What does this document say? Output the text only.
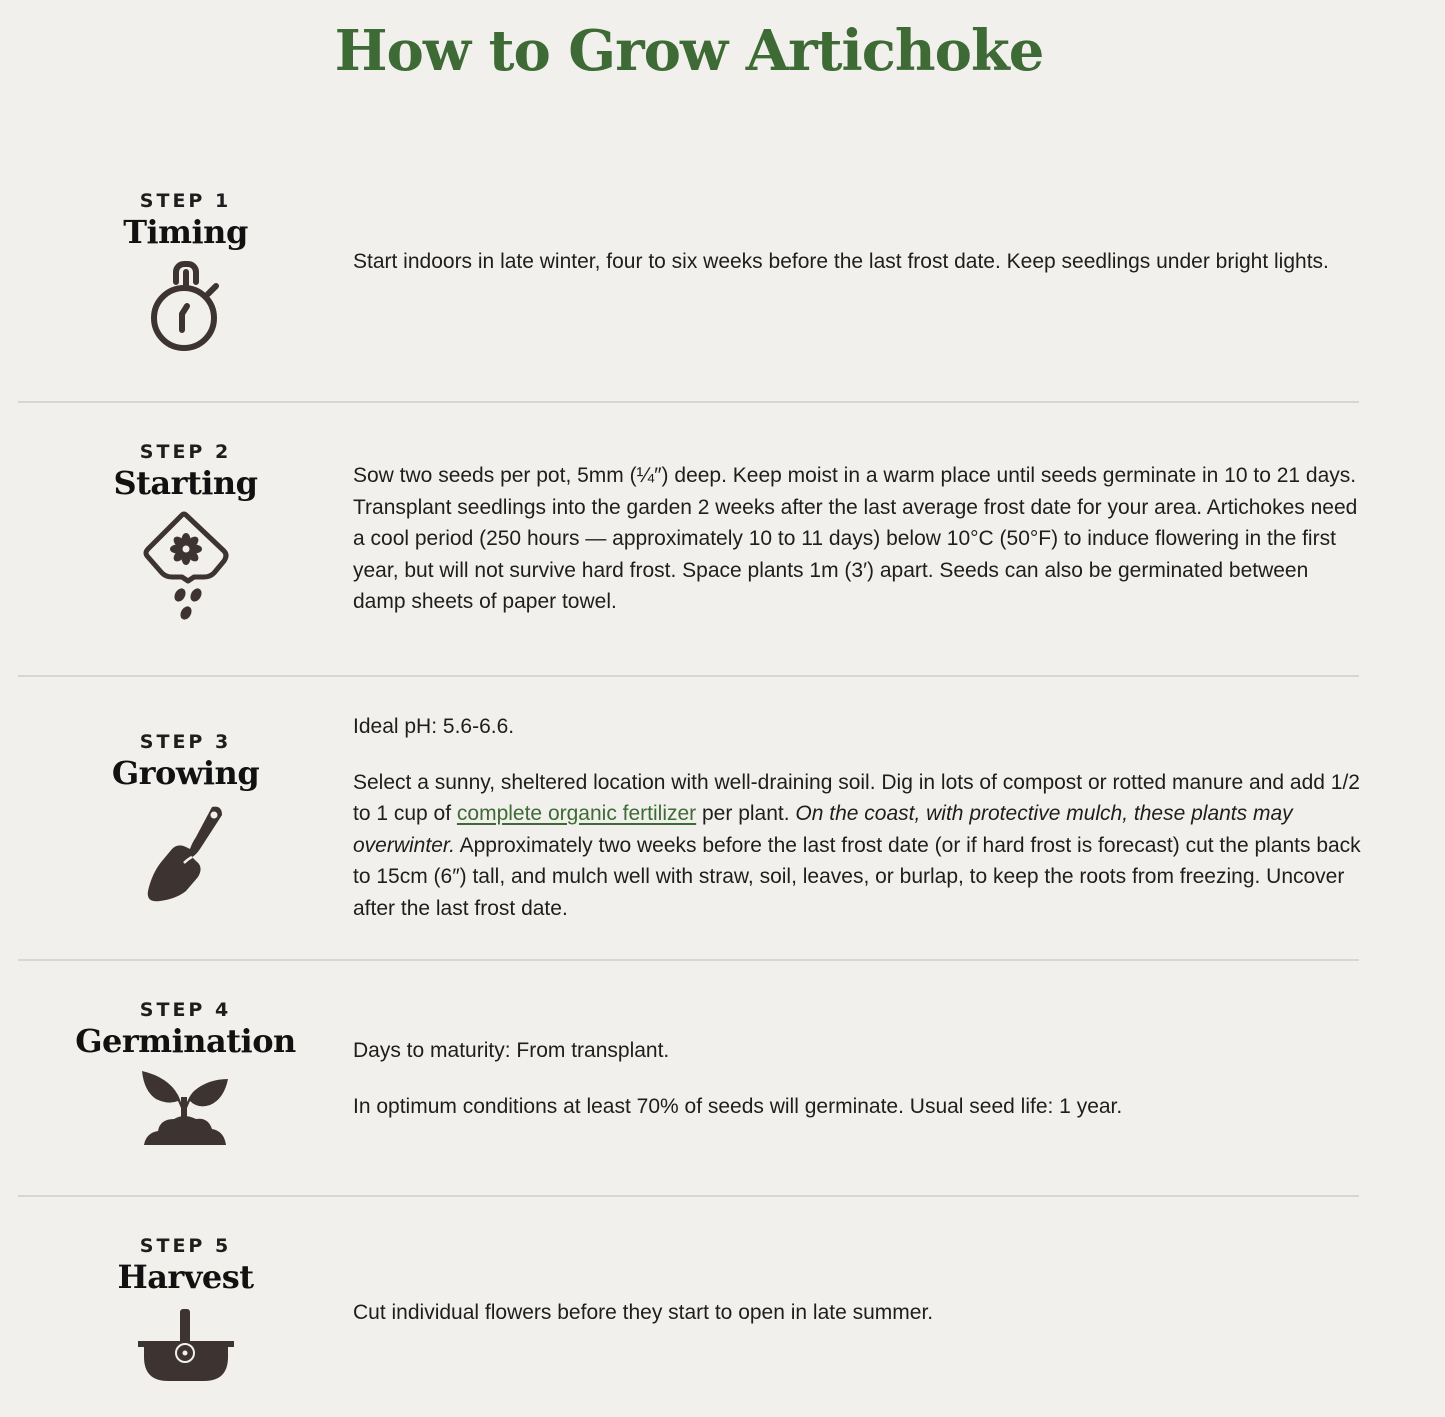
How to Grow Artichoke
STEP 1
Timing

Start indoors in late winter, four to six weeks before the last frost date. Keep seedlings under bright lights.

STEP 2
Starting	Sow two seeds per pot, 5mm (¼″) deep. Keep moist in a warm place until seeds germinate in 10 to 21 days. Transplant seedlings into the garden 2 weeks after the last average frost date for your area. Artichokes need a cool period (250 hours — approximately 10 to 11 days) below 10°C (50°F) to induce flowering in the first year, but will not survive hard frost. Space plants 1m (3′) apart. Seeds can also be germinated between damp sheets of paper towel.

STEP 3
Growing

Ideal pH: 5.6-6.6.

Select a sunny, sheltered location with well-draining soil. Dig in lots of compost or rotted manure and add 1/2 to 1 cup of complete organic fertilizer per plant. On the coast, with protective mulch, these plants may overwinter. Approximately two weeks before the last frost date (or if hard frost is forecast) cut the plants back to 15cm (6″) tall, and mulch well with straw, soil, leaves, or burlap, to keep the roots from freezing. Uncover after the last frost date.

STEP 4
Germination	Days to maturity: From transplant.

In optimum conditions at least 70% of seeds will germinate. Usual seed life: 1 year.

STEP 5
Harvest

Cut individual flowers before they start to open in late summer.
